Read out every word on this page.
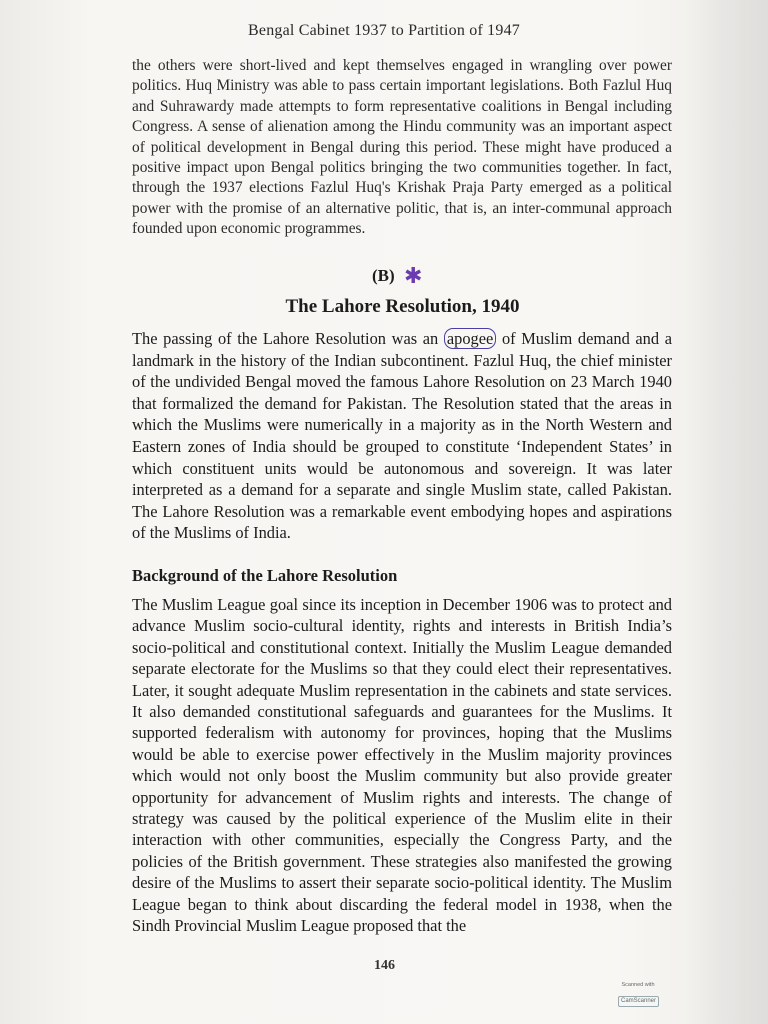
Bengal Cabinet 1937 to Partition of 1947

the others were short-lived and kept themselves engaged in wrangling over power politics. Huq Ministry was able to pass certain important legislations. Both Fazlul Huq and Suhrawardy made attempts to form representative coalitions in Bengal including Congress. A sense of alienation among the Hindu community was an important aspect of political development in Bengal during this period. These might have produced a positive impact upon Bengal politics bringing the two communities together. In fact, through the 1937 elections Fazlul Huq's Krishak Praja Party emerged as a political power with the promise of an alternative politic, that is, an inter-communal approach founded upon economic programmes.

(B) ✱
The Lahore Resolution, 1940

The passing of the Lahore Resolution was an apogee of Muslim demand and a landmark in the history of the Indian subcontinent. Fazlul Huq, the chief minister of the undivided Bengal moved the famous Lahore Resolution on 23 March 1940 that formalized the demand for Pakistan. The Resolution stated that the areas in which the Muslims were numerically in a majority as in the North Western and Eastern zones of India should be grouped to constitute ‘Independent States’ in which constituent units would be autonomous and sovereign. It was later interpreted as a demand for a separate and single Muslim state, called Pakistan. The Lahore Resolution was a remarkable event embodying hopes and aspirations of the Muslims of India.

Background of the Lahore Resolution

The Muslim League goal since its inception in December 1906 was to protect and advance Muslim socio-cultural identity, rights and interests in British India’s socio-political and constitutional context. Initially the Muslim League demanded separate electorate for the Muslims so that they could elect their representatives. Later, it sought adequate Muslim representation in the cabinets and state services. It also demanded constitutional safeguards and guarantees for the Muslims. It supported federalism with autonomy for provinces, hoping that the Muslims would be able to exercise power effectively in the Muslim majority provinces which would not only boost the Muslim community but also provide greater opportunity for advancement of Muslim rights and interests. The change of strategy was caused by the political experience of the Muslim elite in their interaction with other communities, especially the Congress Party, and the policies of the British government. These strategies also manifested the growing desire of the Muslims to assert their separate socio-political identity. The Muslim League began to think about discarding the federal model in 1938, when the Sindh Provincial Muslim League proposed that the

146
Scanned with
CamScanner
